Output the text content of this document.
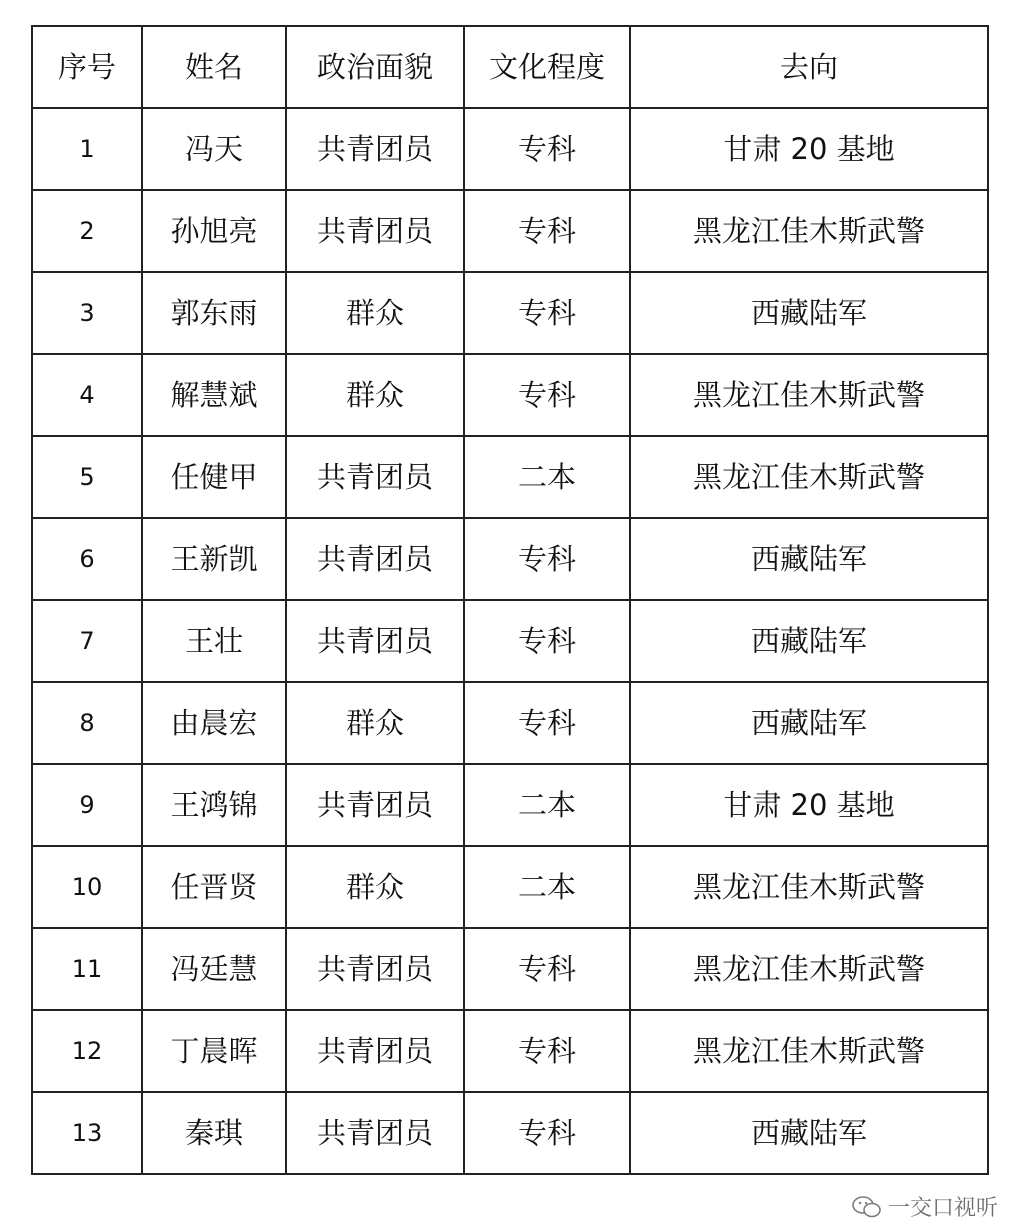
序号	姓名	政治面貌	文化程度	去向
1	冯天	共青团员	专科	甘肃 20 基地
2	孙旭亮	共青团员	专科	黑龙江佳木斯武警
3	郭东雨	群众	专科	西藏陆军
4	解慧斌	群众	专科	黑龙江佳木斯武警
5	任健甲	共青团员	二本	黑龙江佳木斯武警
6	王新凯	共青团员	专科	西藏陆军
7	王壮	共青团员	专科	西藏陆军
8	由晨宏	群众	专科	西藏陆军
9	王鸿锦	共青团员	二本	甘肃 20 基地
10	任晋贤	群众	二本	黑龙江佳木斯武警
11	冯廷慧	共青团员	专科	黑龙江佳木斯武警
12	丁晨晖	共青团员	专科	黑龙江佳木斯武警
13	秦琪	共青团员	专科	西藏陆军
一交口视听
